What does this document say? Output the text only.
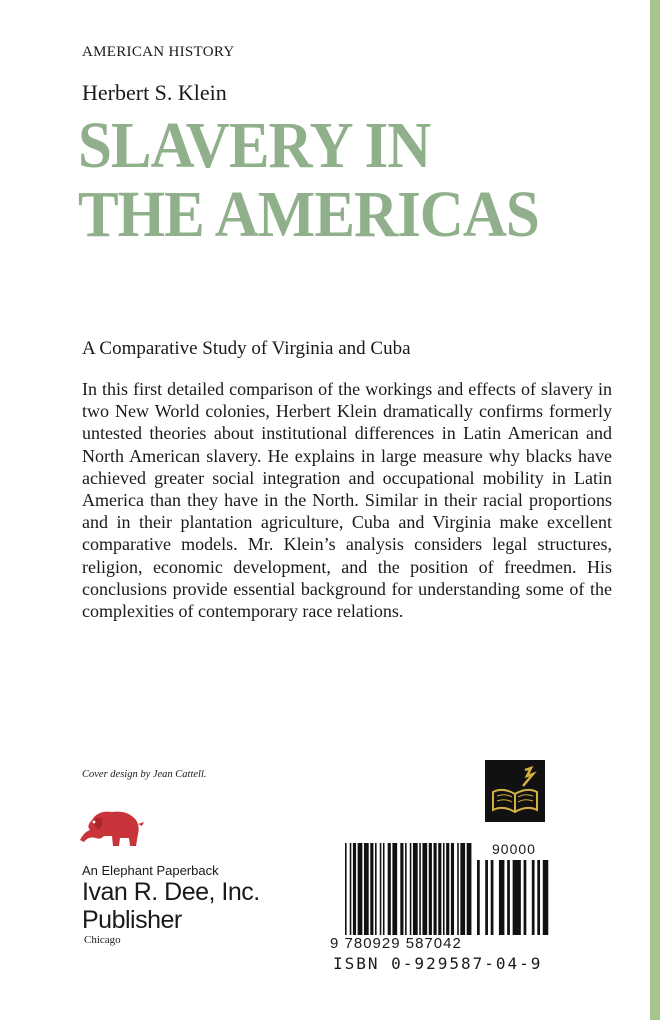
AMERICAN HISTORY
Herbert S. Klein
SLAVERY IN
THE AMERICAS
A Comparative Study of Virginia and Cuba
In this first detailed comparison of the workings and effects of slavery in two New World colonies, Herbert Klein dramatically confirms formerly untested theories about institutional differences in Latin American and North American slavery. He explains in large measure why blacks have achieved greater social integration and occupational mobility in Latin America than they have in the North. Similar in their racial proportions and in their plantation agriculture, Cuba and Virginia make excellent comparative models. Mr. Klein’s analysis considers legal structures, religion, economic development, and the position of freedmen. His conclusions provide essential background for understanding some of the complexities of contemporary race relations.
Cover design by Jean Cattell.
An Elephant Paperback
Ivan R. Dee, Inc.
Publisher
Chicago
90000
9 780929 587042
ISBN 0-929587-04-9
